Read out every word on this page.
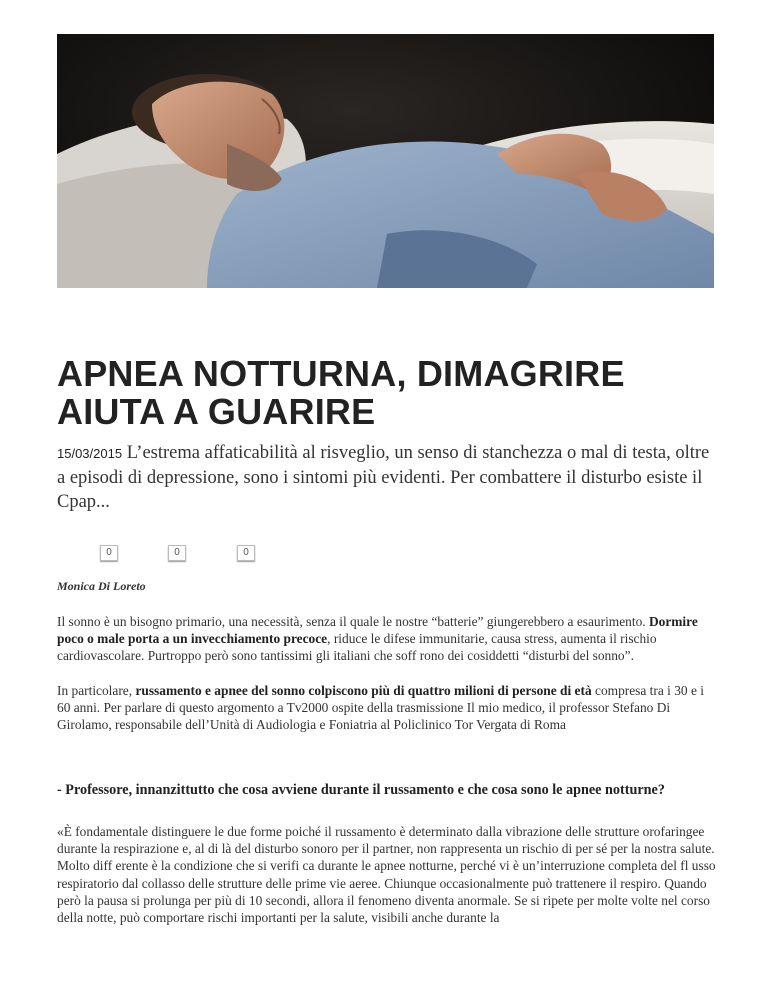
APNEA NOTTURNA, DIMAGRIRE AIUTA A GUARIRE

15/03/2015 L’estrema affaticabilità al risveglio, un senso di stanchezza o mal di testa, oltre a episodi di depressione, sono i sintomi più evidenti. Per combattere il disturbo esiste il Cpap...

0	0	0

Monica Di Loreto

Il sonno è un bisogno primario, una necessità, senza il quale le nostre “batterie” giungerebbero a esaurimento. Dormire poco o male porta a un invecchiamento precoce, riduce le difese immunitarie, causa stress, aumenta il rischio cardiovascolare. Purtroppo però sono tantissimi gli italiani che soff rono dei cosiddetti “disturbi del sonno”.

In particolare, russamento e apnee del sonno colpiscono più di quattro milioni di persone di età compresa tra i 30 e i 60 anni. Per parlare di questo argomento a Tv2000 ospite della trasmissione Il mio medico, il professor Stefano Di Girolamo, responsabile dell’Unità di Audiologia e Foniatria al Policlinico Tor Vergata di Roma

- Professore, innanzittutto che cosa avviene durante il russamento e che cosa sono le apnee notturne?

«È fondamentale distinguere le due forme poiché il russamento è determinato dalla vibrazione delle strutture orofaringee durante la respirazione e, al di là del disturbo sonoro per il partner, non rappresenta un rischio di per sé per la nostra salute. Molto diff erente è la condizione che si verifi ca durante le apnee notturne, perché vi è un’interruzione completa del fl usso respiratorio dal collasso delle strutture delle prime vie aeree. Chiunque occasionalmente può trattenere il respiro. Quando però la pausa si prolunga per più di 10 secondi, allora il fenomeno diventa anormale. Se si ripete per molte volte nel corso della notte, può comportare rischi importanti per la salute, visibili anche durante la
